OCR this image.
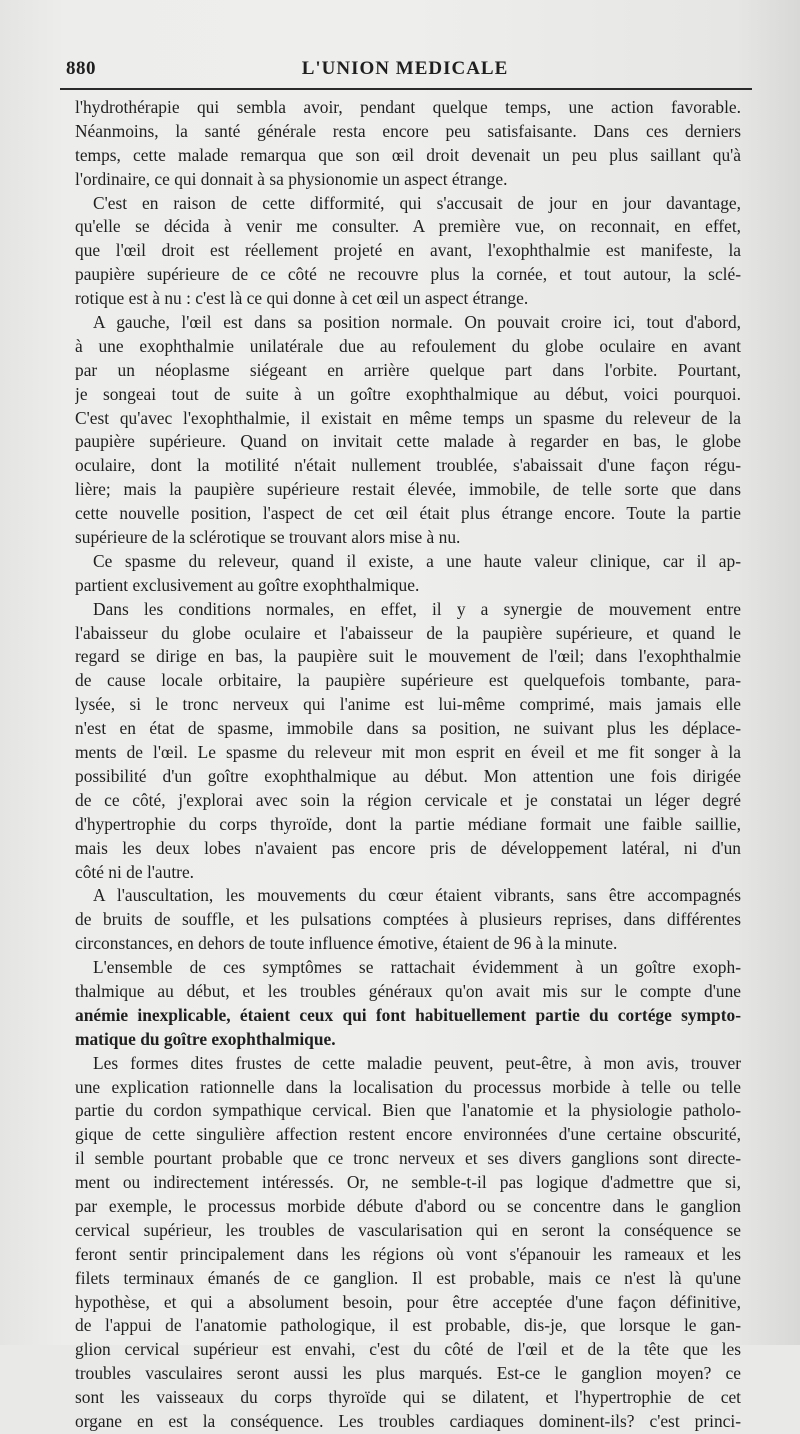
880	L'UNION MEDICALE
l'hydrothérapie qui sembla avoir, pendant quelque temps, une action favorable.
Néanmoins, la santé générale resta encore peu satisfaisante. Dans ces derniers
temps, cette malade remarqua que son œil droit devenait un peu plus saillant qu'à
l'ordinaire, ce qui donnait à sa physionomie un aspect étrange.
C'est en raison de cette difformité, qui s'accusait de jour en jour davantage,
qu'elle se décida à venir me consulter. A première vue, on reconnait, en effet,
que l'œil droit est réellement projeté en avant, l'exophthalmie est manifeste, la
paupière supérieure de ce côté ne recouvre plus la cornée, et tout autour, la sclé-
rotique est à nu : c'est là ce qui donne à cet œil un aspect étrange.
A gauche, l'œil est dans sa position normale. On pouvait croire ici, tout d'abord,
à une exophthalmie unilatérale due au refoulement du globe oculaire en avant
par un néoplasme siégeant en arrière quelque part dans l'orbite. Pourtant,
je songeai tout de suite à un goître exophthalmique au début, voici pourquoi.
C'est qu'avec l'exophthalmie, il existait en même temps un spasme du releveur de la
paupière supérieure. Quand on invitait cette malade à regarder en bas, le globe
oculaire, dont la motilité n'était nullement troublée, s'abaissait d'une façon régu-
lière; mais la paupière supérieure restait élevée, immobile, de telle sorte que dans
cette nouvelle position, l'aspect de cet œil était plus étrange encore. Toute la partie
supérieure de la sclérotique se trouvant alors mise à nu.
Ce spasme du releveur, quand il existe, a une haute valeur clinique, car il ap-
partient exclusivement au goître exophthalmique.
Dans les conditions normales, en effet, il y a synergie de mouvement entre
l'abaisseur du globe oculaire et l'abaisseur de la paupière supérieure, et quand le
regard se dirige en bas, la paupière suit le mouvement de l'œil; dans l'exophthalmie
de cause locale orbitaire, la paupière supérieure est quelquefois tombante, para-
lysée, si le tronc nerveux qui l'anime est lui-même comprimé, mais jamais elle
n'est en état de spasme, immobile dans sa position, ne suivant plus les déplace-
ments de l'œil. Le spasme du releveur mit mon esprit en éveil et me fit songer à la
possibilité d'un goître exophthalmique au début. Mon attention une fois dirigée
de ce côté, j'explorai avec soin la région cervicale et je constatai un léger degré
d'hypertrophie du corps thyroïde, dont la partie médiane formait une faible saillie,
mais les deux lobes n'avaient pas encore pris de développement latéral, ni d'un
côté ni de l'autre.
A l'auscultation, les mouvements du cœur étaient vibrants, sans être accompagnés
de bruits de souffle, et les pulsations comptées à plusieurs reprises, dans différentes
circonstances, en dehors de toute influence émotive, étaient de 96 à la minute.
L'ensemble de ces symptômes se rattachait évidemment à un goître exoph-
thalmique au début, et les troubles généraux qu'on avait mis sur le compte d'une
anémie inexplicable, étaient ceux qui font habituellement partie du cortége sympto-
matique du goître exophthalmique.
Les formes dites frustes de cette maladie peuvent, peut-être, à mon avis, trouver
une explication rationnelle dans la localisation du processus morbide à telle ou telle
partie du cordon sympathique cervical. Bien que l'anatomie et la physiologie patholo-
gique de cette singulière affection restent encore environnées d'une certaine obscurité,
il semble pourtant probable que ce tronc nerveux et ses divers ganglions sont directe-
ment ou indirectement intéressés. Or, ne semble-t-il pas logique d'admettre que si,
par exemple, le processus morbide débute d'abord ou se concentre dans le ganglion
cervical supérieur, les troubles de vascularisation qui en seront la conséquence se
feront sentir principalement dans les régions où vont s'épanouir les rameaux et les
filets terminaux émanés de ce ganglion. Il est probable, mais ce n'est là qu'une
hypothèse, et qui a absolument besoin, pour être acceptée d'une façon définitive,
de l'appui de l'anatomie pathologique, il est probable, dis-je, que lorsque le gan-
glion cervical supérieur est envahi, c'est du côté de l'œil et de la tête que les
troubles vasculaires seront aussi les plus marqués. Est-ce le ganglion moyen? ce
sont les vaisseaux du corps thyroïde qui se dilatent, et l'hypertrophie de cet
organe en est la conséquence. Les troubles cardiaques dominent-ils? c'est princi-
